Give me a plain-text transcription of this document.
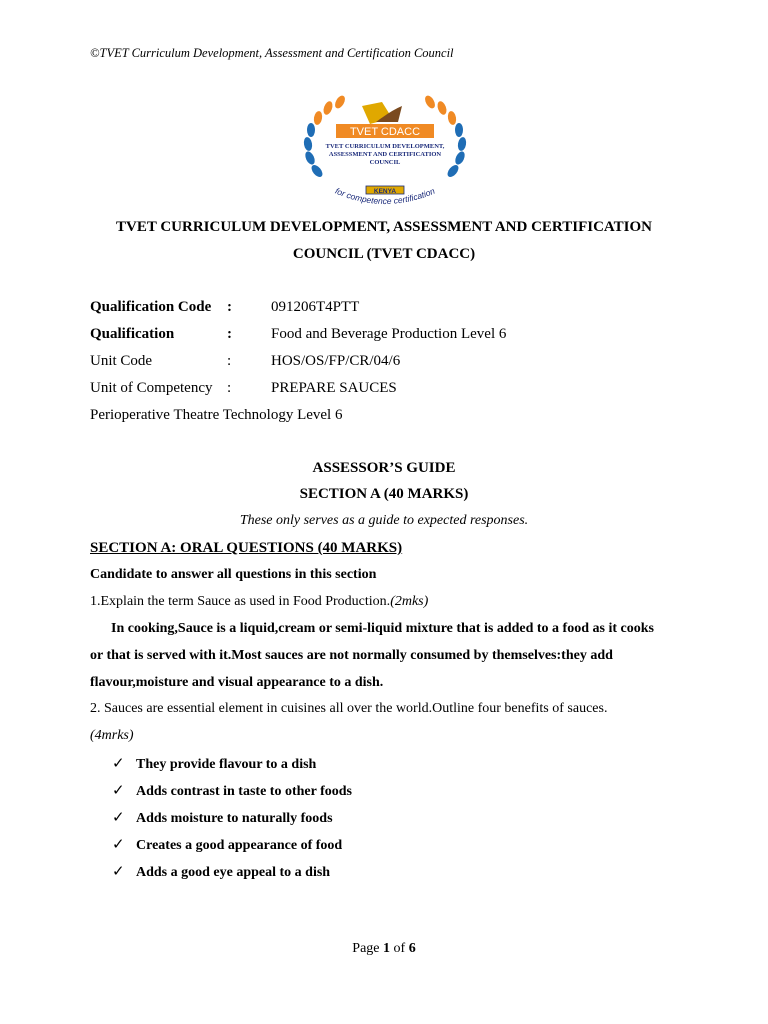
©TVET Curriculum Development, Assessment and Certification Council
TVET CDACC
TVET CURRICULUM DEVELOPMENT,
ASSESSMENT AND CERTIFICATION
COUNCIL
KENYA
for competence certification
TVET CURRICULUM DEVELOPMENT, ASSESSMENT AND CERTIFICATION
COUNCIL (TVET CDACC)
Qualification Code :	091206T4PTT
Qualification	:	Food and Beverage Production Level 6
Unit Code	:	HOS/OS/FP/CR/04/6
Unit of Competency :	PREPARE SAUCES
Perioperative Theatre Technology Level 6
ASSESSOR’S GUIDE
SECTION A (40 MARKS)
These only serves as a guide to expected responses.
SECTION A: ORAL QUESTIONS (40 MARKS)
Candidate to answer all questions in this section
1.Explain the term Sauce as used in Food Production.(2mks)
In cooking,Sauce is a liquid,cream or semi-liquid mixture that is added to a food as it cooks
or that is served with it.Most sauces are not normally consumed by themselves:they add
flavour,moisture and visual appearance to a dish.
2. Sauces are essential element in cuisines all over the world.Outline four benefits of sauces.
(4mrks)
✓ They provide flavour to a dish
✓ Adds contrast in taste to other foods
✓ Adds moisture to naturally foods
✓ Creates a good appearance of food
✓ Adds a good eye appeal to a dish
Page 1 of 6
